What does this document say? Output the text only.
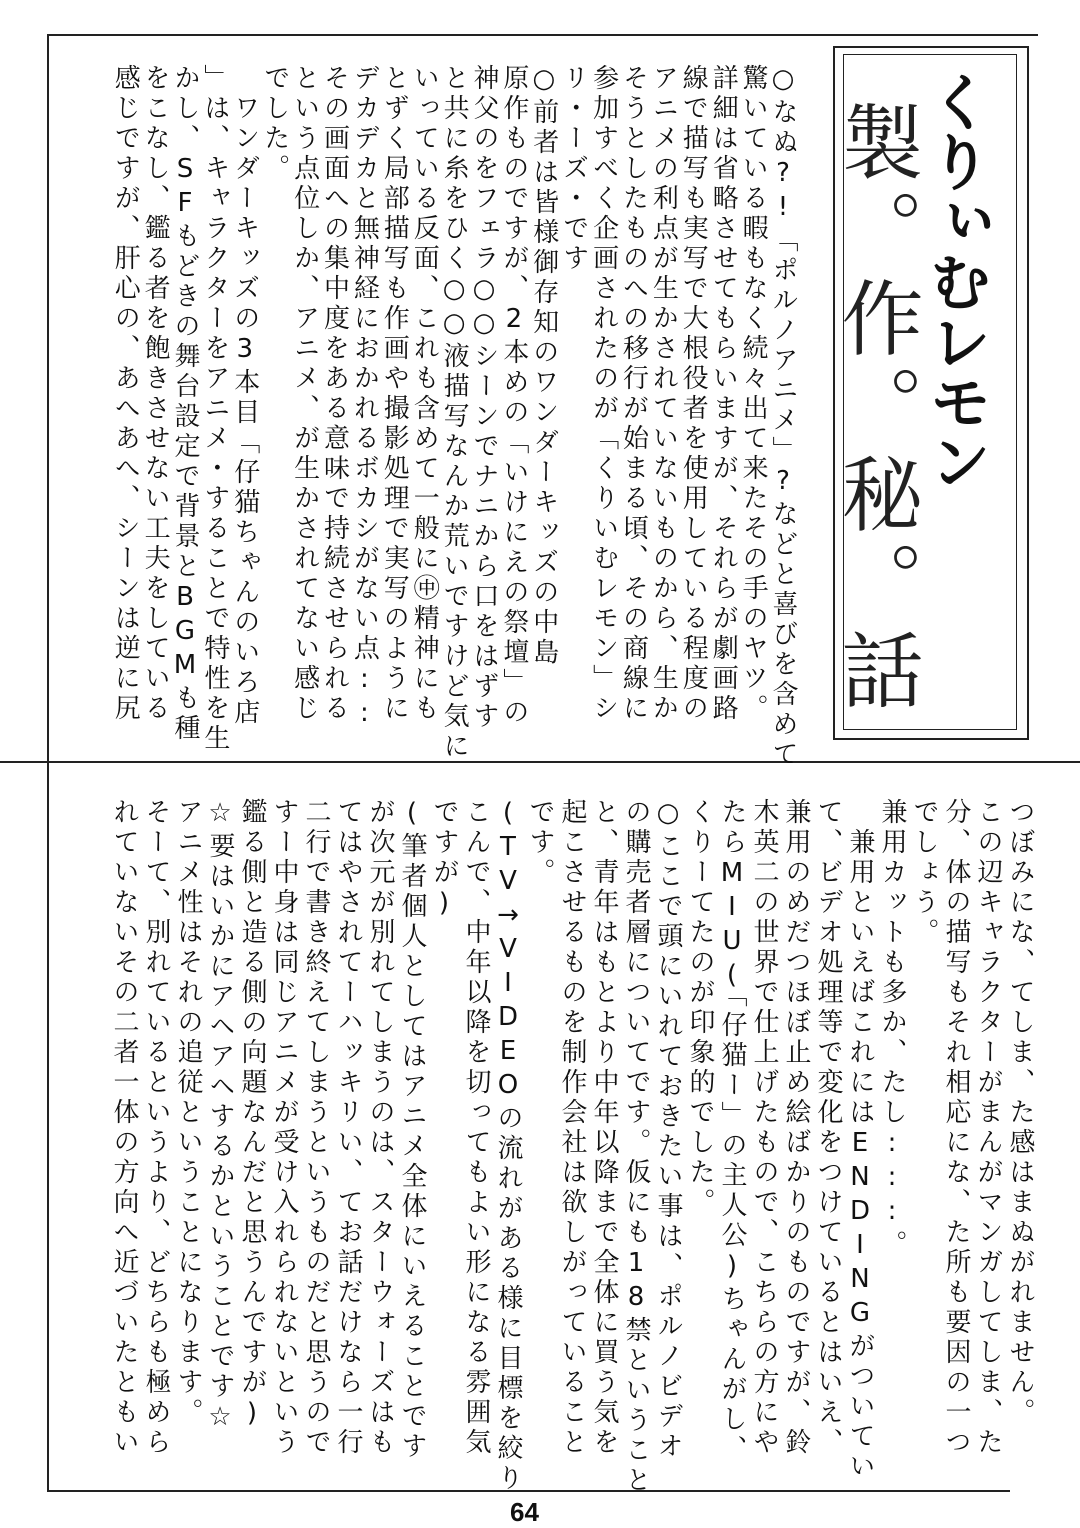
くりぃむレモン
製。作。秘。話
○なぬ?!「ポルノアニメ」?などと喜びを含めて
驚いている暇もなく続々出て来たその手のヤツ。
詳細は省略させてもらいますが、それらが劇画路
線で描写も実写で大根役者を使用している程度の
アニメの利点が生かされていないものから、生か
そうとしたものへの移行が始まる頃、その商線に
参加すべく企画されたのが「くりいむレモン」シ
リ・ーズ・です
○前者は皆様御存知のワンダーキッズの中島
原作ものですが、2本めの「いけにえの祭壇」の
神父のをフェラ○○シーンでナニから口をはずす
と共に糸をひく○○液描写なんか荒いですけど気に
いっている反面、これも含めて一般に㊥精神にも
とずく局部描写も作画や撮影処理で実写のように
デカデカと無神経におかれるボカシがない点::
その画面への集中度をある意味で持続させられる
という点位しか、アニメ、が生かされてない感じ
でした。
　ワンダーキッズの3本目「仔猫ちゃんのいろ店
」は、キャラクターをアニメ・することで特性を生
かし、SFもどきの舞台設定で背景とBGMも種
をこなし、鑑る者を飽きさせない工夫をしている
感じですが、肝心の、あへあへ、シーンは逆に尻
つぼみにな、てしま、た感はまぬがれません。
この辺キャラクターがまんがマンガしてしま、た
分、体の描写もそれ相応にな、た所も要因の一つ
でしょう。
兼用カットも多か、たし:::。
　兼用といえばこれにはENDINGがついてい
て、ビデオ処理等で変化をつけているとはいえ、
兼用のめだつほぼ止め絵ばかりのものですが、鈴
木英二の世界で仕上げたもので、こちらの方にや
たらMIU(「仔猫ー」の主人公)ちゃんがし、
くりーてたのが印象的でした。
○ここで頭にいれておきたい事は、ポルノビデオ
の購売者層についてです。仮にも18禁ということ
と、青年はもとより中年以降まで全体に買う気を
起こさせるものを制作会社は欲しがっていること
です。
(TV→VIDEOの流れがある様に目標を絞り
こんで、中年以降を切ってもよい形になる雰囲気
ですが)
(筆者個人としてはアニメ全体にいえることです
が次元が別れてしまうのは、スターウォーズはも
てはやされてーハッキリい、てお話だけなら一行
二行で書き終えてしまうというものだと思うので
すー中身は同じアニメが受け入れられないという
鑑る側と造る側の向題なんだと思うんですが)
☆要はいかにアヘアヘするかということです☆
アニメ性はそれの追従ということになります。
そーて、別れているというより、どちらも極めら
れていないその二者一体の方向へ近づいたともい
64
